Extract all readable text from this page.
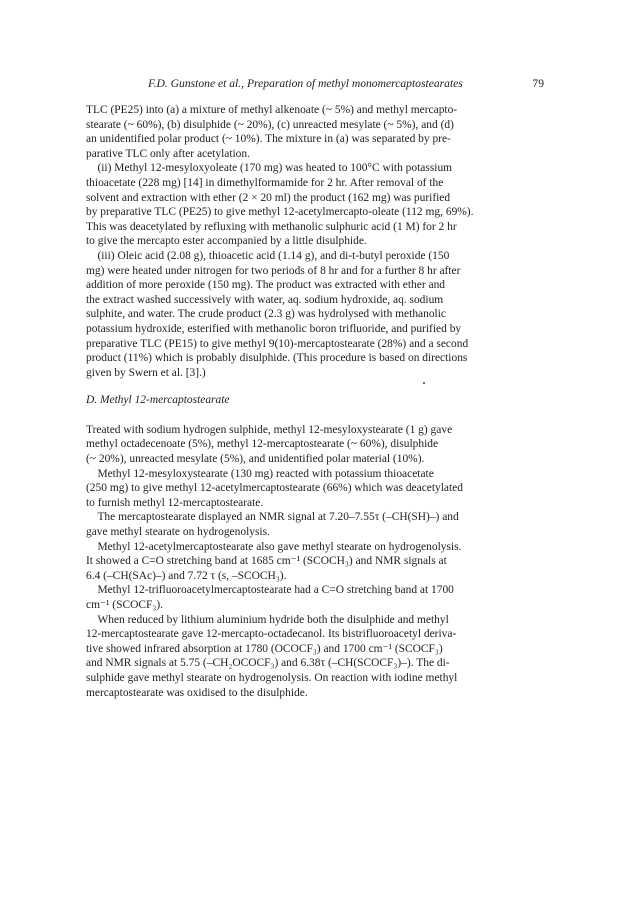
F.D. Gunstone et al., Preparation of methyl monomercaptostearates	79

TLC (PE25) into (a) a mixture of methyl alkenoate (~ 5%) and methyl mercapto-

stearate (~ 60%), (b) disulphide (~ 20%), (c) unreacted mesylate (~ 5%), and (d)

an unidentified polar product (~ 10%). The mixture in (a) was separated by pre-

parative TLC only after acetylation.

(ii) Methyl 12-mesyloxyoleate (170 mg) was heated to 100°C with potassium

thioacetate (228 mg) [14] in dimethylformamide for 2 hr. After removal of the

solvent and extraction with ether (2 × 20 ml) the product (162 mg) was purified

by preparative TLC (PE25) to give methyl 12-acetylmercapto-oleate (112 mg, 69%).

This was deacetylated by refluxing with methanolic sulphuric acid (1 M) for 2 hr

to give the mercapto ester accompanied by a little disulphide.

(iii) Oleic acid (2.08 g), thioacetic acid (1.14 g), and di-t-butyl peroxide (150

mg) were heated under nitrogen for two periods of 8 hr and for a further 8 hr after

addition of more peroxide (150 mg). The product was extracted with ether and

the extract washed successively with water, aq. sodium hydroxide, aq. sodium

sulphite, and water. The crude product (2.3 g) was hydrolysed with methanolic

potassium hydroxide, esterified with methanolic boron trifluoride, and purified by

preparative TLC (PE15) to give methyl 9(10)-mercaptostearate (28%) and a second

product (11%) which is probably disulphide. (This procedure is based on directions

given by Swern et al. [3].)

D. Methyl 12-mercaptostearate

Treated with sodium hydrogen sulphide, methyl 12-mesyloxystearate (1 g) gave

methyl octadecenoate (5%), methyl 12-mercaptostearate (~ 60%), disulphide

(~ 20%), unreacted mesylate (5%), and unidentified polar material (10%).

Methyl 12-mesyloxystearate (130 mg) reacted with potassium thioacetate

(250 mg) to give methyl 12-acetylmercaptostearate (66%) which was deacetylated

to furnish methyl 12-mercaptostearate.

The mercaptostearate displayed an NMR signal at 7.20–7.55τ (–CH(SH)–) and

gave methyl stearate on hydrogenolysis.

Methyl 12-acetylmercaptostearate also gave methyl stearate on hydrogenolysis.

It showed a C=O stretching band at 1685 cm⁻¹ (SCOCH₃) and NMR signals at

6.4 (–CH(SAc)–) and 7.72 τ (s, –SCOCH₃).

Methyl 12-trifluoroacetylmercaptostearate had a C=O stretching band at 1700

cm⁻¹ (SCOCF₃).

When reduced by lithium aluminium hydride both the disulphide and methyl

12-mercaptostearate gave 12-mercapto-octadecanol. Its bistrifluoroacetyl deriva-

tive showed infrared absorption at 1780 (OCOCF₃) and 1700 cm⁻¹ (SCOCF₃)

and NMR signals at 5.75 (–CH₂OCOCF₃) and 6.38τ (–CH(SCOCF₃)–). The di-

sulphide gave methyl stearate on hydrogenolysis. On reaction with iodine methyl

mercaptostearate was oxidised to the disulphide.
